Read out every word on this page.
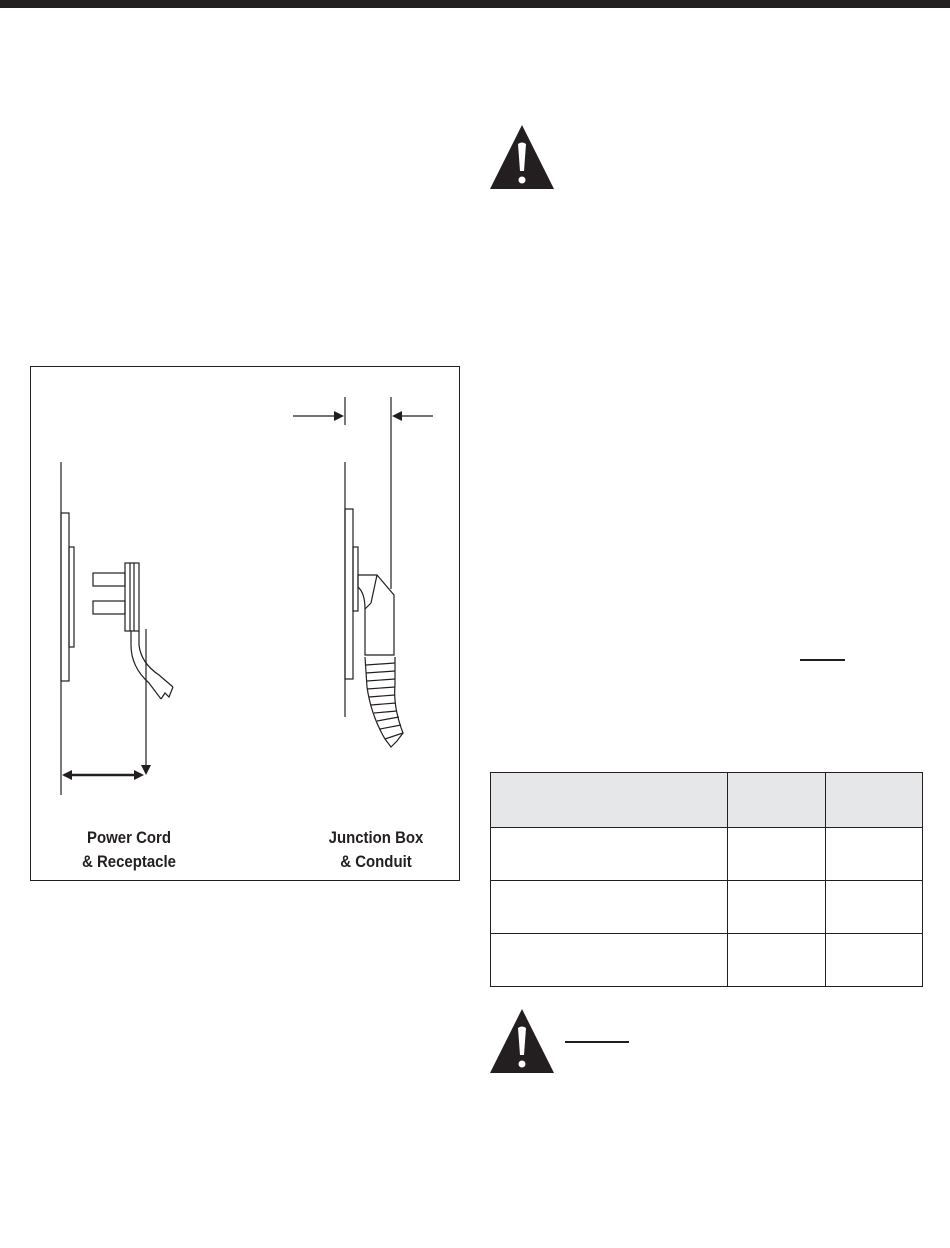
Power Cord
& Receptacle
Junction Box
& Conduit
